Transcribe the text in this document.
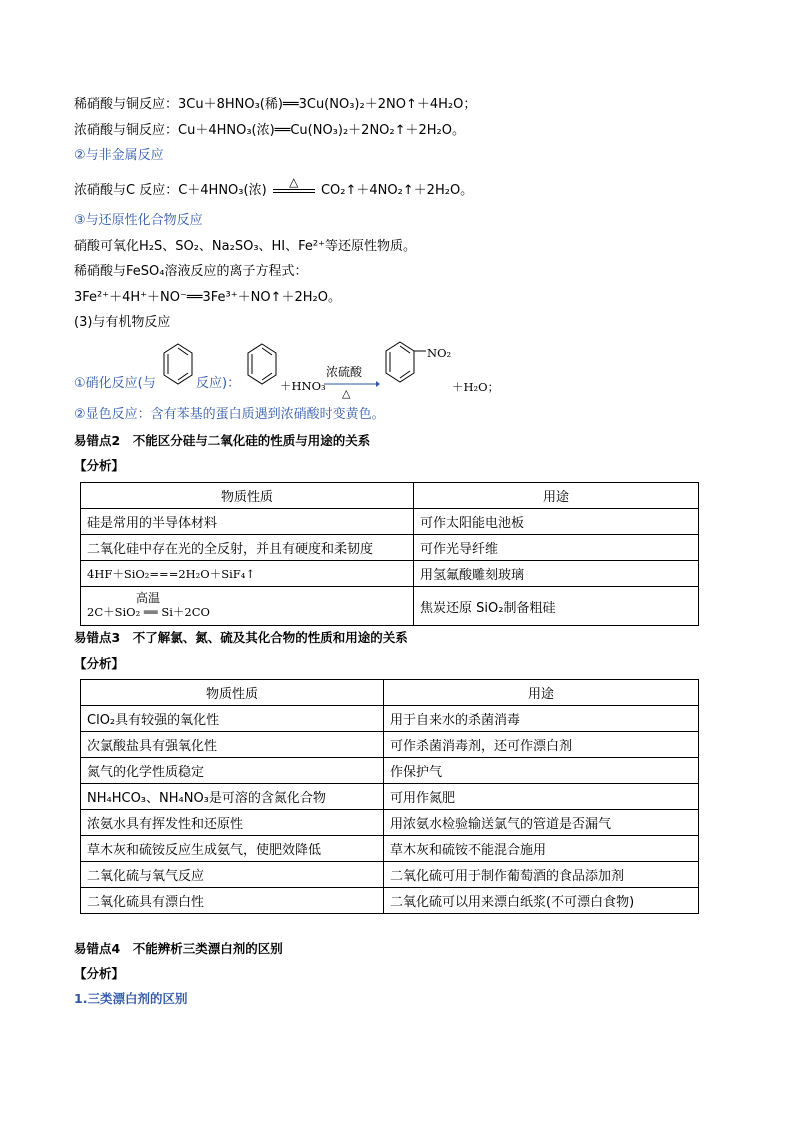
稀硝酸与铜反应：3Cu＋8HNO₃(稀)══3Cu(NO₃)₂＋2NO↑＋4H₂O；
浓硝酸与铜反应：Cu＋4HNO₃(浓)══Cu(NO₃)₂＋2NO₂↑＋2H₂O。
②与非金属反应
浓硝酸与C 反应：C＋4HNO₃(浓)
△
CO₂↑＋4NO₂↑＋2H₂O。
③与还原性化合物反应
硝酸可氧化H₂S、SO₂、Na₂SO₃、HI、Fe²⁺等还原性物质。
稀硝酸与FeSO₄溶液反应的离子方程式：
3Fe²⁺＋4H⁺＋NO⁻══3Fe³⁺＋NO↑＋2H₂O。
(3)与有机物反应
①硝化反应(与	反应)：	＋HNO₃
浓硫酸
△
NO₂
＋H₂O；
②显色反应：含有苯基的蛋白质遇到浓硝酸时变黄色。
易错点2　不能区分硅与二氧化硅的性质与用途的关系
【分析】
物质性质	用途
硅是常用的半导体材料	可作太阳能电池板
二氧化硅中存在光的全反射，并且有硬度和柔韧度	可作光导纤维
4HF＋SiO₂===2H₂O＋SiF₄↑	用氢氟酸雕刻玻璃

高温
2C＋SiO₂ ══ Si＋2CO	焦炭还原 SiO₂制备粗硅
易错点3　不了解氯、氮、硫及其化合物的性质和用途的关系
【分析】
物质性质	用途
ClO₂具有较强的氧化性	用于自来水的杀菌消毒
次氯酸盐具有强氧化性	可作杀菌消毒剂，还可作漂白剂
氮气的化学性质稳定	作保护气
NH₄HCO₃、NH₄NO₃是可溶的含氮化合物	可用作氮肥
浓氨水具有挥发性和还原性	用浓氨水检验输送氯气的管道是否漏气
草木灰和硫铵反应生成氨气，使肥效降低	草木灰和硫铵不能混合施用
二氧化硫与氧气反应	二氧化硫可用于制作葡萄酒的食品添加剂
二氧化硫具有漂白性	二氧化硫可以用来漂白纸浆(不可漂白食物)
易错点4　不能辨析三类漂白剂的区别
【分析】
1.三类漂白剂的区别
